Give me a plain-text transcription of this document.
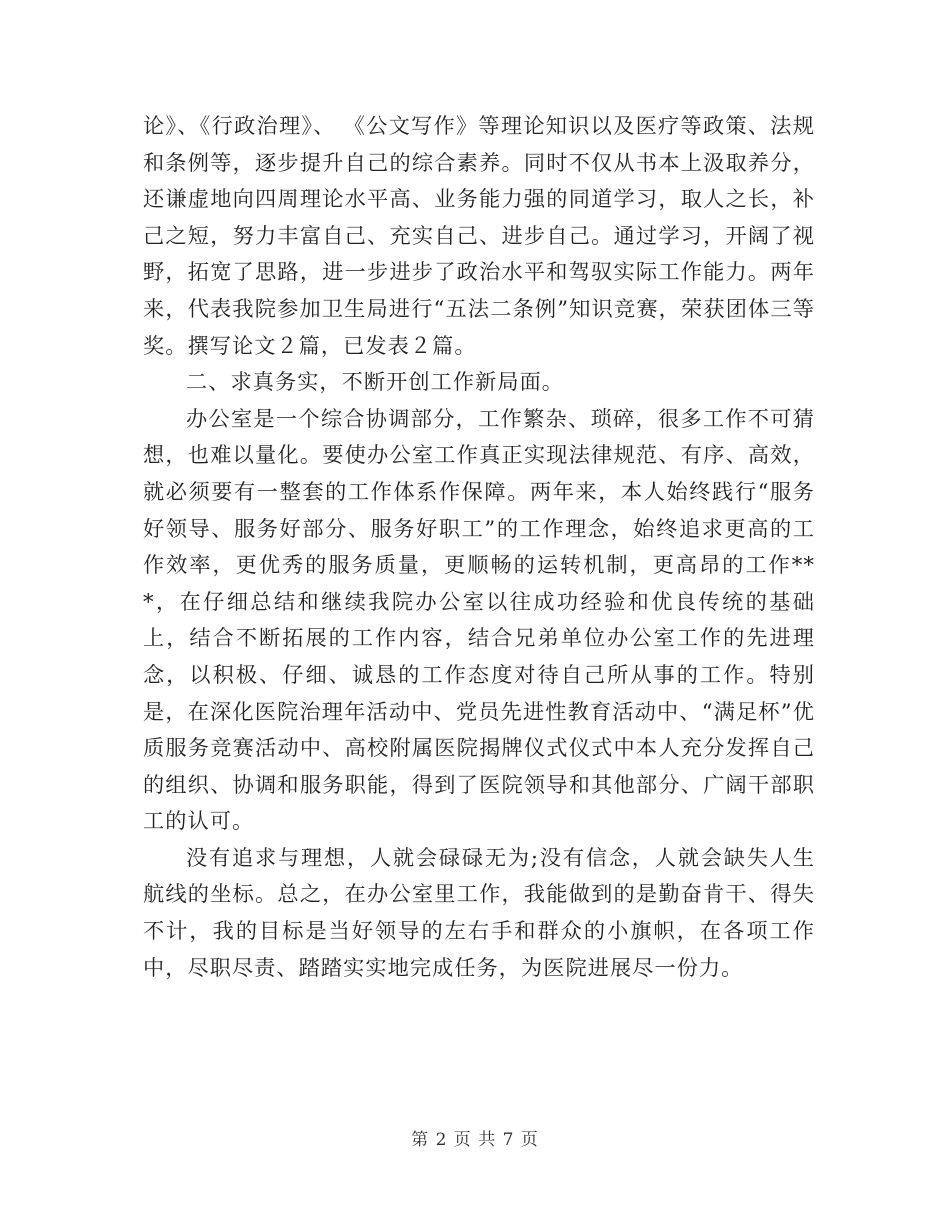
论》、《行政治理》、 《公文写作》等理论知识以及医疗等政策、法规和条例等，逐步提升自己的综合素养。同时不仅从书本上汲取养分，还谦虚地向四周理论水平高、业务能力强的同道学习，取人之长，补己之短，努力丰富自己、充实自己、进步自己。通过学习，开阔了视野，拓宽了思路，进一步进步了政治水平和驾驭实际工作能力。两年来，代表我院参加卫生局进行“五法二条例”知识竞赛，荣获团体三等奖。撰写论文２篇，已发表２篇。

二、求真务实，不断开创工作新局面。

办公室是一个综合协调部分，工作繁杂、琐碎，很多工作不可猜想，也难以量化。要使办公室工作真正实现法律规范、有序、高效，就必须要有一整套的工作体系作保障。两年来，本人始终践行“服务好领导、服务好部分、服务好职工”的工作理念，始终追求更高的工作效率，更优秀的服务质量，更顺畅的运转机制，更高昂的工作***，在仔细总结和继续我院办公室以往成功经验和优良传统的基础上，结合不断拓展的工作内容，结合兄弟单位办公室工作的先进理念，以积极、仔细、诚恳的工作态度对待自己所从事的工作。特别是，在深化医院治理年活动中、党员先进性教育活动中、“满足杯”优质服务竞赛活动中、高校附属医院揭牌仪式仪式中本人充分发挥自己的组织、协调和服务职能，得到了医院领导和其他部分、广阔干部职工的认可。

没有追求与理想，人就会碌碌无为;没有信念，人就会缺失人生航线的坐标。总之，在办公室里工作，我能做到的是勤奋肯干、得失不计，我的目标是当好领导的左右手和群众的小旗帜，在各项工作中，尽职尽责、踏踏实实地完成任务，为医院进展尽一份力。

第 2 页 共 7 页
